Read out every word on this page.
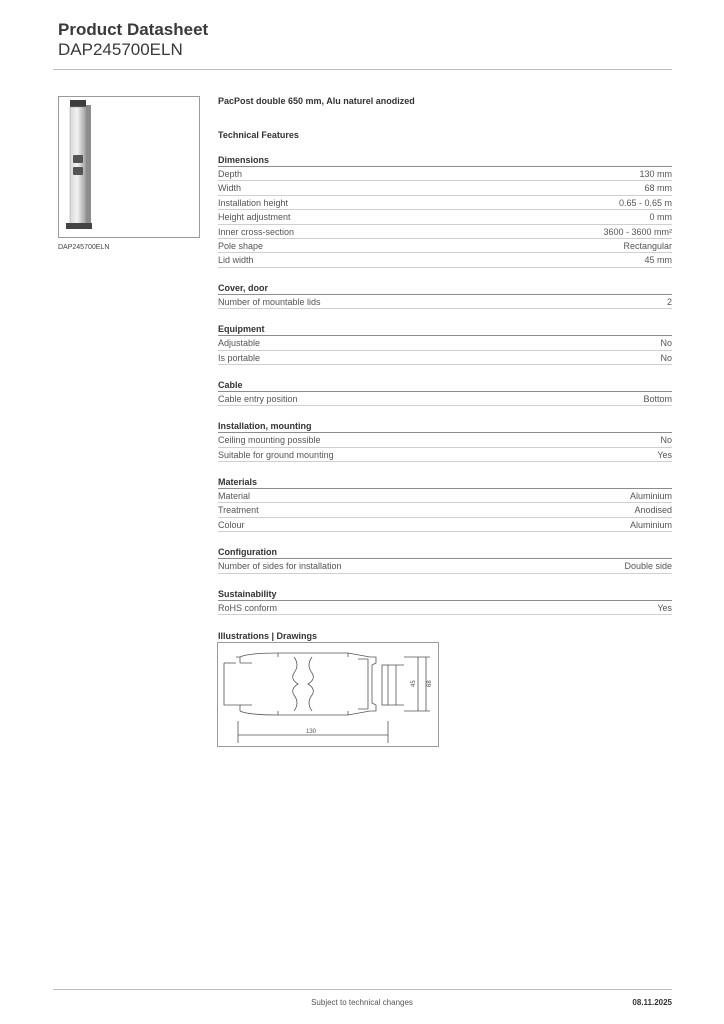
Product Datasheet
DAP245700ELN
DAP245700ELN
PacPost double 650 mm, Alu naturel anodized
Technical Features
Dimensions
Depth	130 mm
Width	68 mm
Installation height	0.65 - 0.65 m
Height adjustment	0 mm
Inner cross-section	3600 - 3600 mm²
Pole shape	Rectangular
Lid width	45 mm
Cover, door
Number of mountable lids	2
Equipment
Adjustable	No
Is portable	No
Cable
Cable entry position	Bottom
Installation, mounting
Ceiling mounting possible	No
Suitable for ground mounting	Yes
Materials
Material	Aluminium
Treatment	Anodised
Colour	Aluminium
Configuration
Number of sides for installation	Double side
Sustainability
RoHS conform	Yes
Illustrations | Drawings
130
45 68
Subject to technical changes	08.11.2025
